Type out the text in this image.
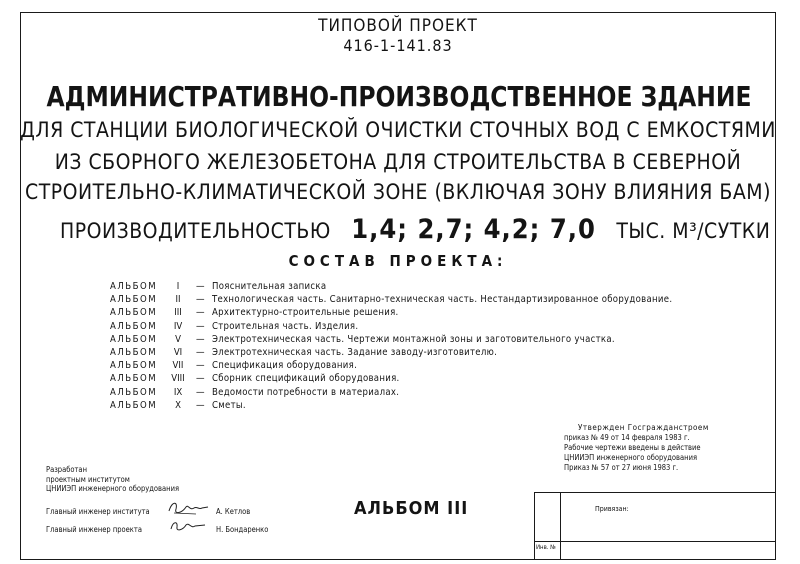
ТИПОВОЙ ПРОЕКТ
416-1-141.83
АДМИНИСТРАТИВНО-ПРОИЗВОДСТВЕННОЕ ЗДАНИЕ
ДЛЯ СТАНЦИИ БИОЛОГИЧЕСКОЙ ОЧИСТКИ СТОЧНЫХ ВОД С ЕМКОСТЯМИ
ИЗ СБОРНОГО ЖЕЛЕЗОБЕТОНА ДЛЯ СТРОИТЕЛЬСТВА В СЕВЕРНОЙ
СТРОИТЕЛЬНО-КЛИМАТИЧЕСКОЙ ЗОНЕ (ВКЛЮЧАЯ ЗОНУ ВЛИЯНИЯ БАМ)
ПРОИЗВОДИТЕЛЬНОСТЬЮ 1,4; 2,7; 4,2; 7,0 ТЫС. М³/СУТКИ
СОСТАВ ПРОЕКТА:
АЛЬБОМ	I	— Пояснительная записка
АЛЬБОМ	II	— Технологическая часть. Санитарно-техническая часть. Нестандартизированное оборудование.
АЛЬБОМ	III	— Архитектурно-строительные решения.
АЛЬБОМ	IV	— Строительная часть. Изделия.
АЛЬБОМ	V	— Электротехническая часть. Чертежи монтажной зоны и заготовительного участка.
АЛЬБОМ	VI	— Электротехническая часть. Задание заводу-изготовителю.
АЛЬБОМ	VII	— Спецификация оборудования.
АЛЬБОМ	VIII	— Сборник спецификаций оборудования.
АЛЬБОМ	IX	— Ведомости потребности в материалах.
АЛЬБОМ	X	— Сметы.
Утвержден Госгражданстроем
приказ № 49 от 14 февраля 1983 г.
Рабочие чертежи введены в действие
ЦНИИЭП инженерного оборудования
Приказ № 57 от 27 июня 1983 г.
Разработан
проектным институтом
ЦНИИЭП инженерного оборудования
Главный инженер института	А. Кетлов
Главный инженер проекта	Н. Бондаренко
АЛЬБОМ III	Привязан:
Инв. №
